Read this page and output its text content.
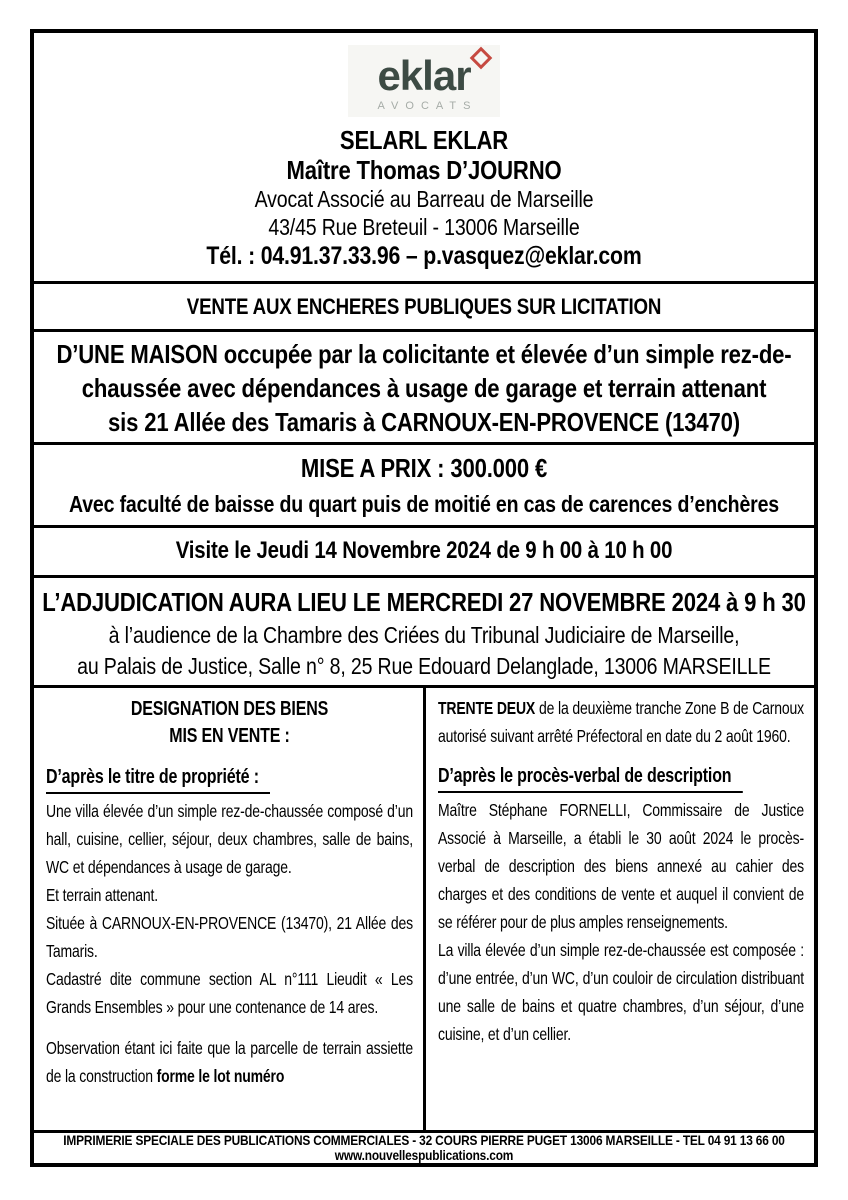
eklar
AVOCATS
SELARL EKLAR
Maître Thomas D’JOURNO
Avocat Associé au Barreau de Marseille
43/45 Rue Breteuil - 13006 Marseille
Tél. : 04.91.37.33.96 – p.vasquez@eklar.com
VENTE AUX ENCHERES PUBLIQUES SUR LICITATION
D’UNE MAISON occupée par la colicitante et élevée d’un simple rez-de-
chaussée avec dépendances à usage de garage et terrain attenant
sis 21 Allée des Tamaris à CARNOUX-EN-PROVENCE (13470)
MISE A PRIX : 300.000 €
Avec faculté de baisse du quart puis de moitié en cas de carences d’enchères
Visite le Jeudi 14 Novembre 2024 de 9 h 00 à 10 h 00
L’ADJUDICATION AURA LIEU LE MERCREDI 27 NOVEMBRE 2024 à 9 h 30
à l’audience de la Chambre des Criées du Tribunal Judiciaire de Marseille,
au Palais de Justice, Salle n° 8, 25 Rue Edouard Delanglade, 13006 MARSEILLE
DESIGNATION DES BIENS
MIS EN VENTE :
D’après le titre de propriété :

Une villa élevée d’un simple rez-de-chaussée composé d’un hall, cuisine, cellier, séjour, deux chambres, salle de bains, WC et dépendances à usage de garage.

Et terrain attenant.

Située à CARNOUX-EN-PROVENCE (13470), 21 Allée des Tamaris.

Cadastré dite commune section AL n°111 Lieudit « Les Grands Ensembles » pour une contenance de 14 ares.

Observation étant ici faite que la parcelle de terrain assiette de la construction forme le lot numéro

TRENTE DEUX de la deuxième tranche Zone B de Carnoux autorisé suivant arrêté Préfectoral en date du 2 août 1960.

D’après le procès-verbal de description

Maître Stéphane FORNELLI, Commissaire de Justice Associé à Marseille, a établi le 30 août 2024 le procès-verbal de description des biens annexé au cahier des charges et des conditions de vente et auquel il convient de se référer pour de plus amples renseignements.

La villa élevée d’un simple rez-de-chaussée est composée : d’une entrée, d’un WC, d’un couloir de circulation distribuant une salle de bains et quatre chambres, d’un séjour, d’une cuisine, et d’un cellier.

IMPRIMERIE SPECIALE DES PUBLICATIONS COMMERCIALES - 32 COURS PIERRE PUGET 13006 MARSEILLE - TEL 04 91 13 66 00
www.nouvellespublications.com
